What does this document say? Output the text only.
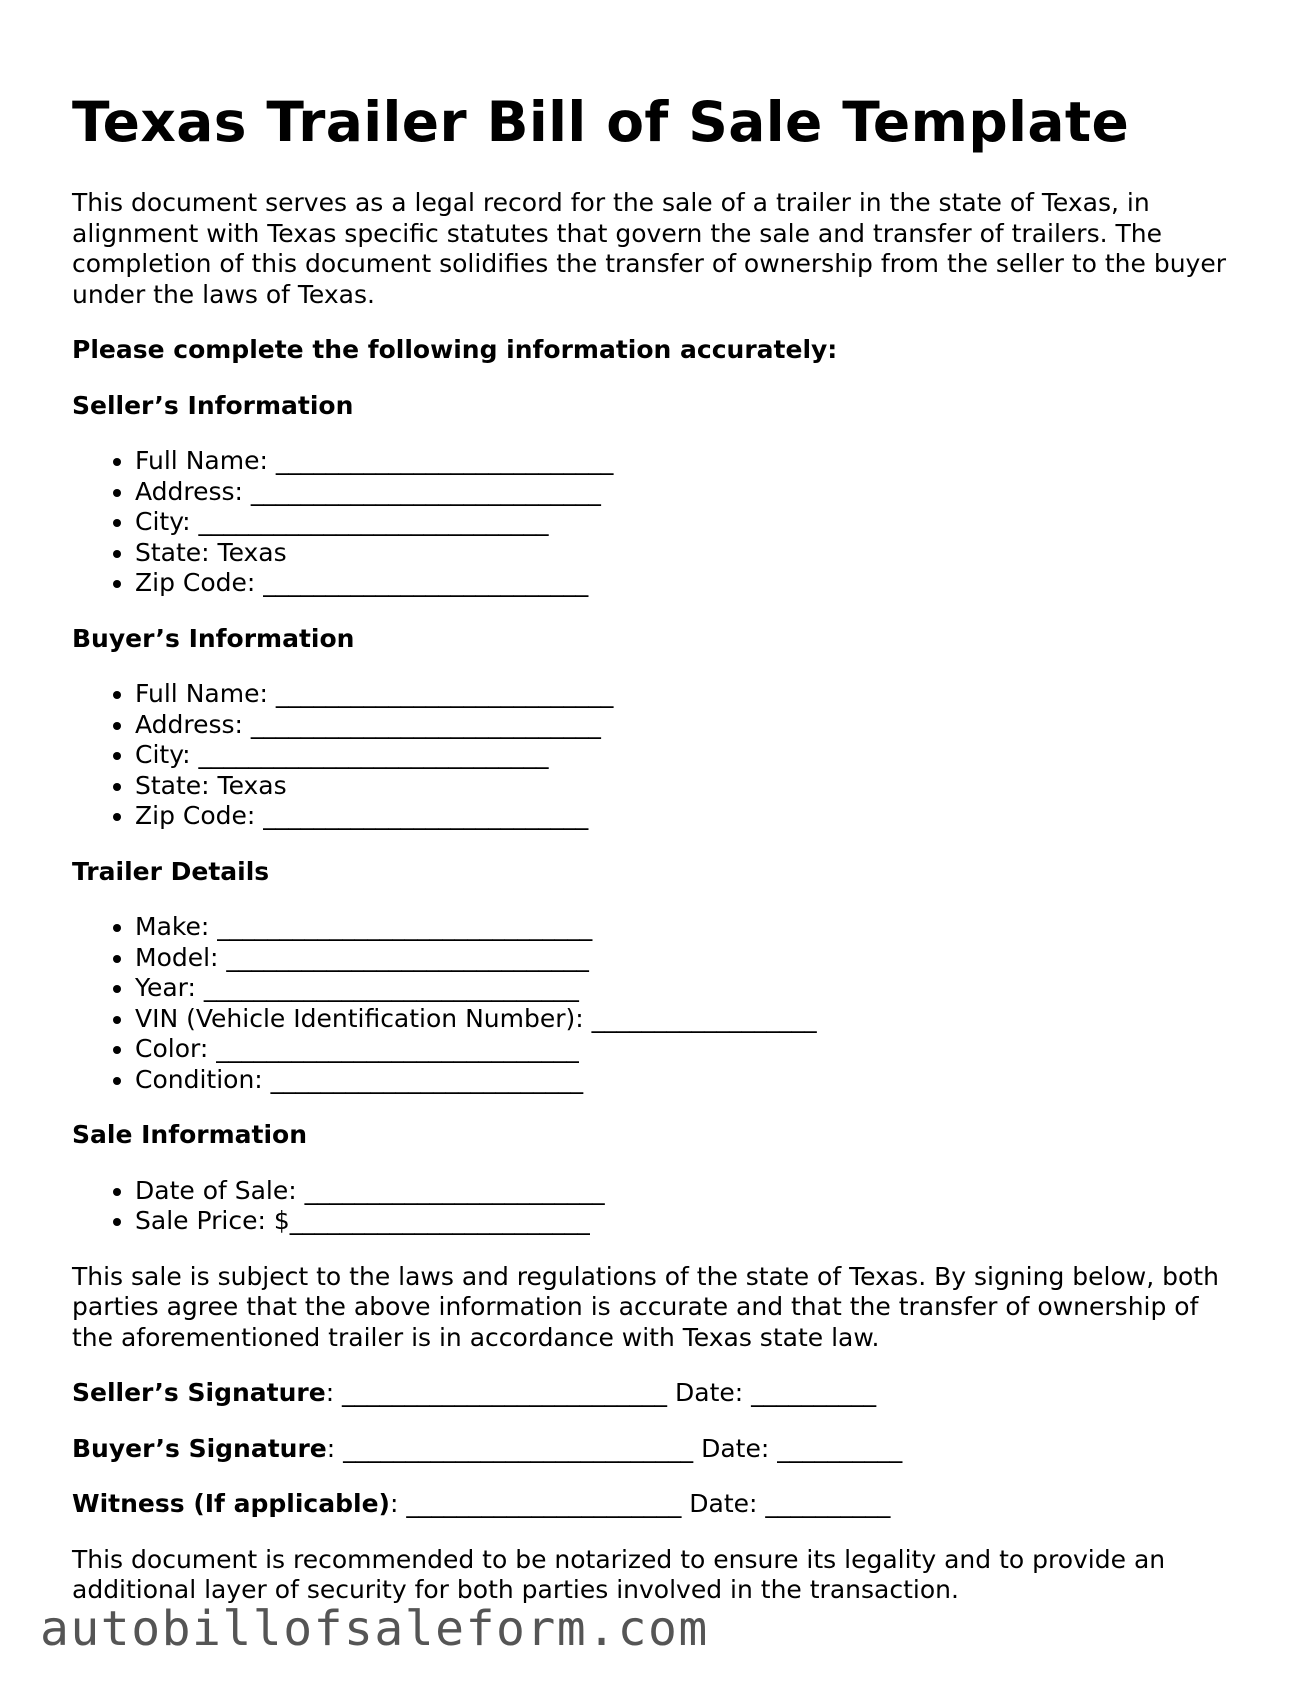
Texas Trailer Bill of Sale Template

This document serves as a legal record for the sale of a trailer in the state of Texas, in alignment with Texas specific statutes that govern the sale and transfer of trailers. The completion of this document solidifies the transfer of ownership from the seller to the buyer under the laws of Texas.

Please complete the following information accurately:
Seller’s Information
• Full Name: ___________________________
• Address: ____________________________
• City: ____________________________
• State: Texas
• Zip Code: __________________________
Buyer’s Information
• Full Name: ___________________________
• Address: ____________________________
• City: ____________________________
• State: Texas
• Zip Code: __________________________
Trailer Details
• Make: ______________________________
• Model: _____________________________
• Year: ______________________________
• VIN (Vehicle Identification Number): __________________
• Color: _____________________________
• Condition: _________________________
Sale Information
• Date of Sale: ________________________
• Sale Price: $________________________

This sale is subject to the laws and regulations of the state of Texas. By signing below, both parties agree that the above information is accurate and that the transfer of ownership of the aforementioned trailer is in accordance with Texas state law.

Seller’s Signature: __________________________ Date: __________
Buyer’s Signature: ____________________________ Date: __________
Witness (If applicable): ______________________ Date: __________

This document is recommended to be notarized to ensure its legality and to provide an additional layer of security for both parties involved in the transaction.

autobillofsaleform.com
